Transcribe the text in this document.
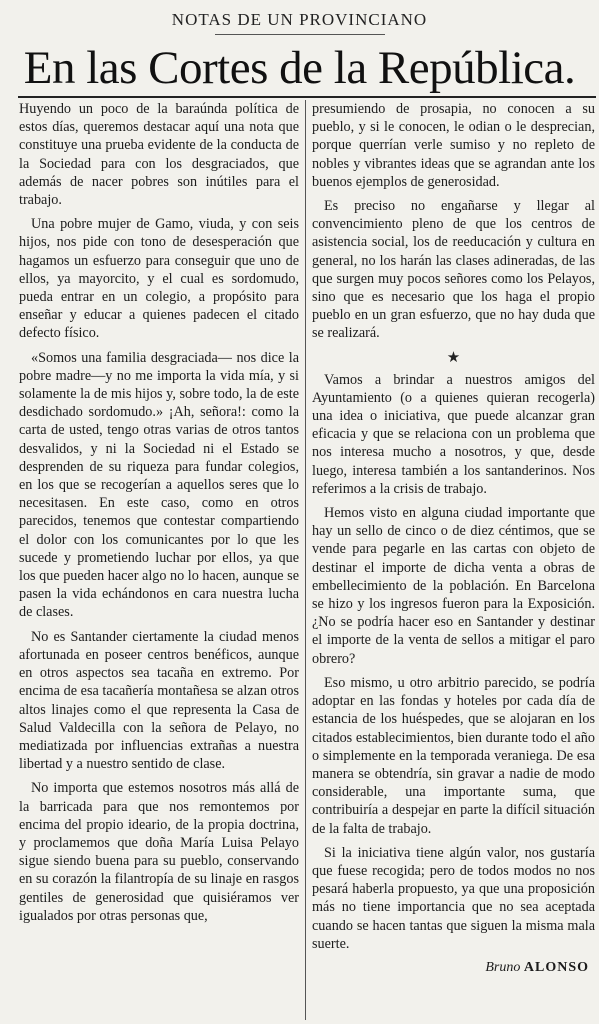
NOTAS DE UN PROVINCIANO
En las Cortes de la República.

Huyendo un poco de la baraúnda política de estos días, queremos destacar aquí una nota que constituye una prueba evidente de la conducta de la Sociedad para con los desgraciados, que además de nacer pobres son inútiles para el trabajo.

Una pobre mujer de Gamo, viuda, y con seis hijos, nos pide con tono de desesperación que hagamos un esfuerzo para conseguir que uno de ellos, ya mayorcito, y el cual es sordomudo, pueda entrar en un colegio, a propósito para enseñar y educar a quienes padecen el citado defecto físico.

«Somos una familia desgraciada— nos dice la pobre madre—y no me importa la vida mía, y si solamente la de mis hijos y, sobre todo, la de este desdichado sordomudo.» ¡Ah, señora!: como la carta de usted, tengo otras varias de otros tantos desvalidos, y ni la Sociedad ni el Estado se desprenden de su riqueza para fundar colegios, en los que se recogerían a aquellos seres que lo necesitasen. En este caso, como en otros parecidos, tenemos que contestar compartiendo el dolor con los comunicantes por lo que les sucede y prometiendo luchar por ellos, ya que los que pueden hacer algo no lo hacen, aunque se pasen la vida echándonos en cara nuestra lucha de clases.

No es Santander ciertamente la ciudad menos afortunada en poseer centros benéficos, aunque en otros aspectos sea tacaña en extremo. Por encima de esa tacañería montañesa se alzan otros altos linajes como el que representa la Casa de Salud Valdecilla con la señora de Pelayo, no mediatizada por influencias extrañas a nuestra libertad y a nuestro sentido de clase.

No importa que estemos nosotros más allá de la barricada para que nos remontemos por encima del propio ideario, de la propia doctrina, y proclamemos que doña María Luisa Pelayo sigue siendo buena para su pueblo, conservando en su corazón la filantropía de su linaje en rasgos gentiles de generosidad que quisiéramos ver igualados por otras personas que,

presumiendo de prosapia, no conocen a su pueblo, y si le conocen, le odian o le desprecian, porque querrían verle sumiso y no repleto de nobles y vibrantes ideas que se agrandan ante los buenos ejemplos de generosidad.

Es preciso no engañarse y llegar al convencimiento pleno de que los centros de asistencia social, los de reeducación y cultura en general, no los harán las clases adineradas, de las que surgen muy pocos señores como los Pelayos, sino que es necesario que los haga el propio pueblo en un gran esfuerzo, que no hay duda que se realizará.

★

Vamos a brindar a nuestros amigos del Ayuntamiento (o a quienes quieran recogerla) una idea o iniciativa, que puede alcanzar gran eficacia y que se relaciona con un problema que nos interesa mucho a nosotros, y que, desde luego, interesa también a los santanderinos. Nos referimos a la crisis de trabajo.

Hemos visto en alguna ciudad importante que hay un sello de cinco o de diez céntimos, que se vende para pegarle en las cartas con objeto de destinar el importe de dicha venta a obras de embellecimiento de la población. En Barcelona se hizo y los ingresos fueron para la Exposición. ¿No se podría hacer eso en Santander y destinar el importe de la venta de sellos a mitigar el paro obrero?

Eso mismo, u otro arbitrio parecido, se podría adoptar en las fondas y hoteles por cada día de estancia de los huéspedes, que se alojaran en los citados establecimientos, bien durante todo el año o simplemente en la temporada veraniega. De esa manera se obtendría, sin gravar a nadie de modo considerable, una importante suma, que contribuiría a despejar en parte la difícil situación de la falta de trabajo.

Si la iniciativa tiene algún valor, nos gustaría que fuese recogida; pero de todos modos no nos pesará haberla propuesto, ya que una proposición más no tiene importancia que no sea aceptada cuando se hacen tantas que siguen la misma mala suerte.

Bruno ALONSO
